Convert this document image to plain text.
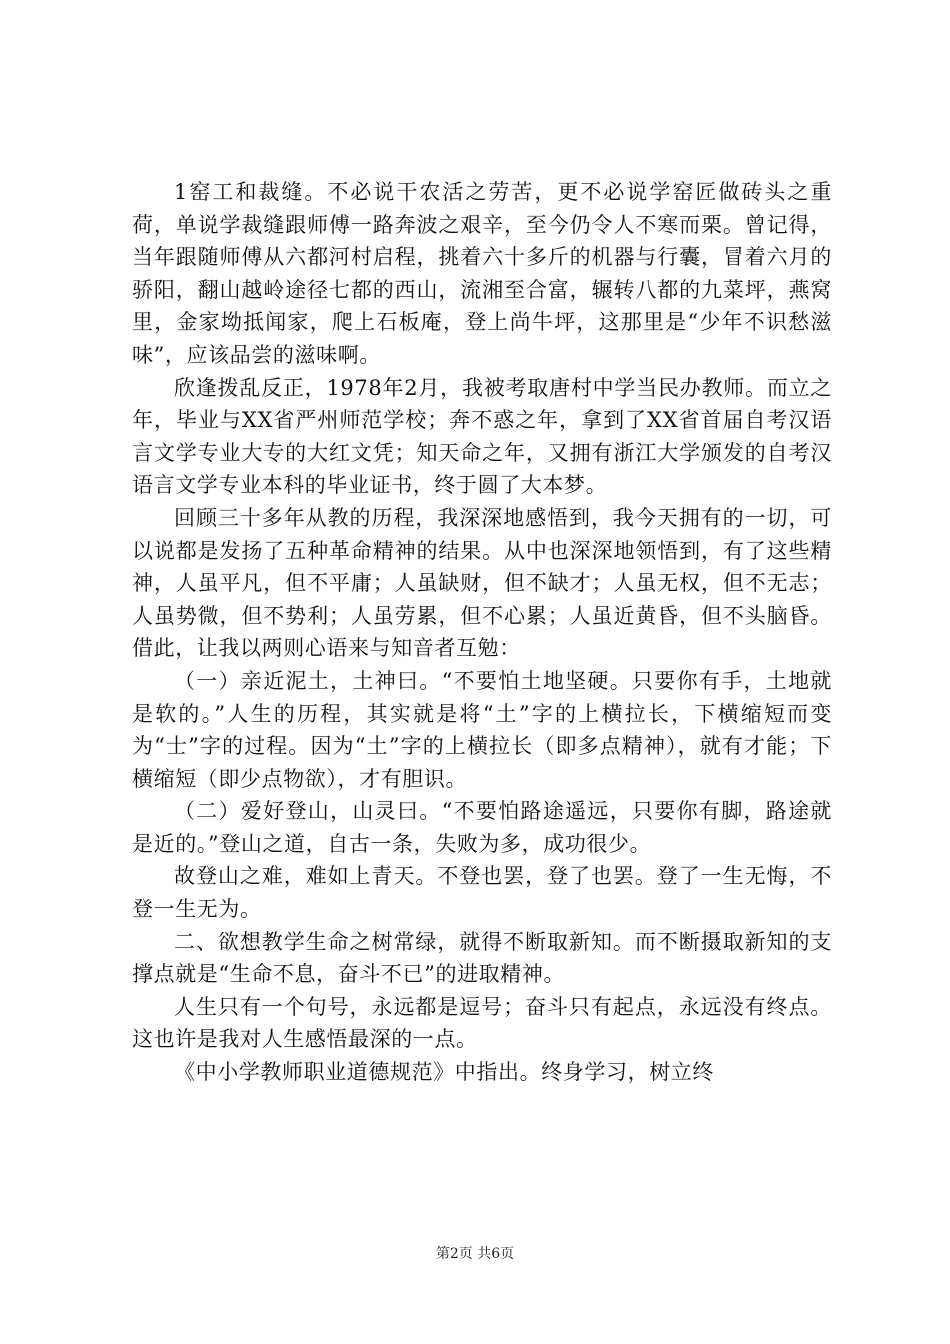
1窑工和裁缝。不必说干农活之劳苦，更不必说学窑匠做砖头之重荷，单说学裁缝跟师傅一路奔波之艰辛，至今仍令人不寒而栗。曾记得，当年跟随师傅从六都河村启程，挑着六十多斤的机器与行囊，冒着六月的骄阳，翻山越岭途径七都的西山，流湘至合富，辗转八都的九菜坪，燕窝里，金家坳抵闻家，爬上石板庵，登上尚牛坪，这那里是“少年不识愁滋味”，应该品尝的滋味啊。

欣逢拨乱反正，1978年2月，我被考取唐村中学当民办教师。而立之年，毕业与XX省严州师范学校；奔不惑之年，拿到了XX省首届自考汉语言文学专业大专的大红文凭；知天命之年，又拥有浙江大学颁发的自考汉语言文学专业本科的毕业证书，终于圆了大本梦。

回顾三十多年从教的历程，我深深地感悟到，我今天拥有的一切，可以说都是发扬了五种革命精神的结果。从中也深深地领悟到，有了这些精神，人虽平凡，但不平庸；人虽缺财，但不缺才；人虽无权，但不无志；人虽势微，但不势利；人虽劳累，但不心累；人虽近黄昏，但不头脑昏。借此，让我以两则心语来与知音者互勉：

（一）亲近泥土，土神曰。“不要怕土地坚硬。只要你有手，土地就是软的。”人生的历程，其实就是将“土”字的上横拉长，下横缩短而变为“士”字的过程。因为“土”字的上横拉长（即多点精神），就有才能；下横缩短（即少点物欲），才有胆识。

（二）爱好登山，山灵曰。“不要怕路途遥远，只要你有脚，路途就是近的。”登山之道，自古一条，失败为多，成功很少。

故登山之难，难如上青天。不登也罢，登了也罢。登了一生无悔，不登一生无为。

二、欲想教学生命之树常绿，就得不断取新知。而不断摄取新知的支撑点就是“生命不息，奋斗不已”的进取精神。

人生只有一个句号，永远都是逗号；奋斗只有起点，永远没有终点。这也许是我对人生感悟最深的一点。

《中小学教师职业道德规范》中指出。终身学习，树立终

第2页 共6页
